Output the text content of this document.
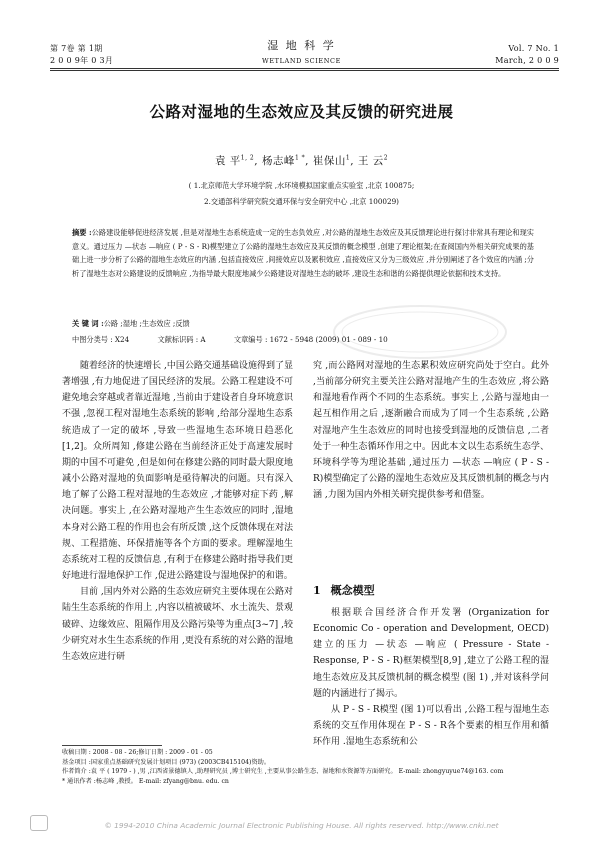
第 7卷 第 1期
2 0 0 9年 0 3月
湿 地 科 学
WETLAND SCIENCE
Vol. 7 No. 1
March, 2 0 0 9
公路对湿地的生态效应及其反馈的研究进展
袁 平$^{1, 2}$, 杨志峰$^{1 *}$, 崔保山$^1$, 王 云$^2$
( 1.北京师范大学环境学院 ,水环境模拟国家重点实验室 ,北京 100875;
2.交通部科学研究院交通环保与安全研究中心 ,北京 100029)
摘要 :公路建设能够促进经济发展 ,但是对湿地生态系统造成一定的生态负效应 ,对公路的湿地生态效应及其反馈理论进行探讨非常具有理论和现实意义。通过压力 —状态 —响应 ( P - S - R)模型建立了公路的湿地生态效应及其反馈的概念模型 ,创建了理论框架;在查阅国内外相关研究成果的基础上进一步分析了公路的湿地生态效应的内涵 ,包括直接效应 ,间接效应以及累积效应 ,直接效应又分为三级效应 ,并分别阐述了各个效应的内涵 ;分析了湿地生态对公路建设的反馈响应 ,为指导最大限度地减少公路建设对湿地生态的破坏 ,建设生态和谐的公路提供理论依据和技术支持。
关 键 词 :公路 ;湿地 ;生态效应 ;反馈
中图分类号 : X24	文献标识码 : A	文章编号 : 1672 - 5948 (2009) 01 - 089 - 10

随着经济的快速增长 ,中国公路交通基础设施得到了显著增强 ,有力地促进了国民经济的发展。公路工程建设不可避免地会穿越或者靠近湿地 ,当前由于建设者自身环境意识不强 ,忽视工程对湿地生态系统的影响 ,给部分湿地生态系统造成了一定的破坏 ,导致一些湿地生态环境日趋恶化[1,2]。众所周知 ,修建公路在当前经济正处于高速发展时期的中国不可避免 ,但是如何在修建公路的同时最大限度地减小公路对湿地的负面影响是亟待解决的问题。只有深入地了解了公路工程对湿地的生态效应 ,才能够对症下药 ,解决问题。事实上 ,在公路对湿地产生生态效应的同时 ,湿地本身对公路工程的作用也会有所反馈 ,这个反馈体现在对法规、工程措施、环保措施等各个方面的要求。理解湿地生态系统对工程的反馈信息 ,有利于在修建公路时指导我们更好地进行湿地保护工作 ,促进公路建设与湿地保护的和谐。

目前 ,国内外对公路的生态效应研究主要体现在公路对陆生生态系统的作用上 ,内容以植被破坏、水土流失、景观破碎、边缘效应、阻隔作用及公路污染等为重点[3~7] ,较少研究对水生生态系统的作用 ,更没有系统的对公路的湿地生态效应进行研

究 ,而公路网对湿地的生态累积效应研究尚处于空白。此外 ,当前部分研究主要关注公路对湿地产生的生态效应 ,将公路和湿地看作两个不同的生态系统。事实上 ,公路与湿地由一起互相作用之后 ,逐渐融合而成为了同一个生态系统 ,公路对湿地产生生态效应的同时也接受到湿地的反馈信息 ,二者处于一种生态循环作用之中。因此本文以生态系统生态学、环境科学等为理论基础 ,通过压力 —状态 —响应 ( P - S - R)模型确定了公路的湿地生态效应及其反馈机制的概念与内涵 ,力图为国内外相关研究提供参考和借鉴。

1 概念模型

根据联合国经济合作开发署 (Organization for Economic Co - operation and Development, OECD)建立的压力 —状态 —响应 ( Pressure - State - Response, P - S - R)框架模型[8,9] ,建立了公路工程的湿地生态效应及其反馈机制的概念模型 (图 1) ,并对该科学问题的内涵进行了揭示。

从 P - S - R模型 (图 1)可以看出 ,公路工程与湿地生态系统的交互作用体现在 P - S - R各个要素的相互作用和循环作用 .湿地生态系统和公

收稿日期 : 2008 - 08 - 26;修订日期 : 2009 - 01 - 05
基金项目 :国家重点基础研究发展计划项目 (973) (2003CB415104)资助。
作者简介 :袁 平 ( 1979 - ) ,男 ,江西省景德镇人 ,助理研究员 ,博士研究生 ,主要从事公路生态、湿地和水资源等方面研究。 E-mail: zhongyuyue74@163. com
* 通讯作者 :杨志峰 ,教授。 E-mail: zfyang@bnu. edu. cn
© 1994-2010 China Academic Journal Electronic Publishing House. All rights reserved. http://www.cnki.net
